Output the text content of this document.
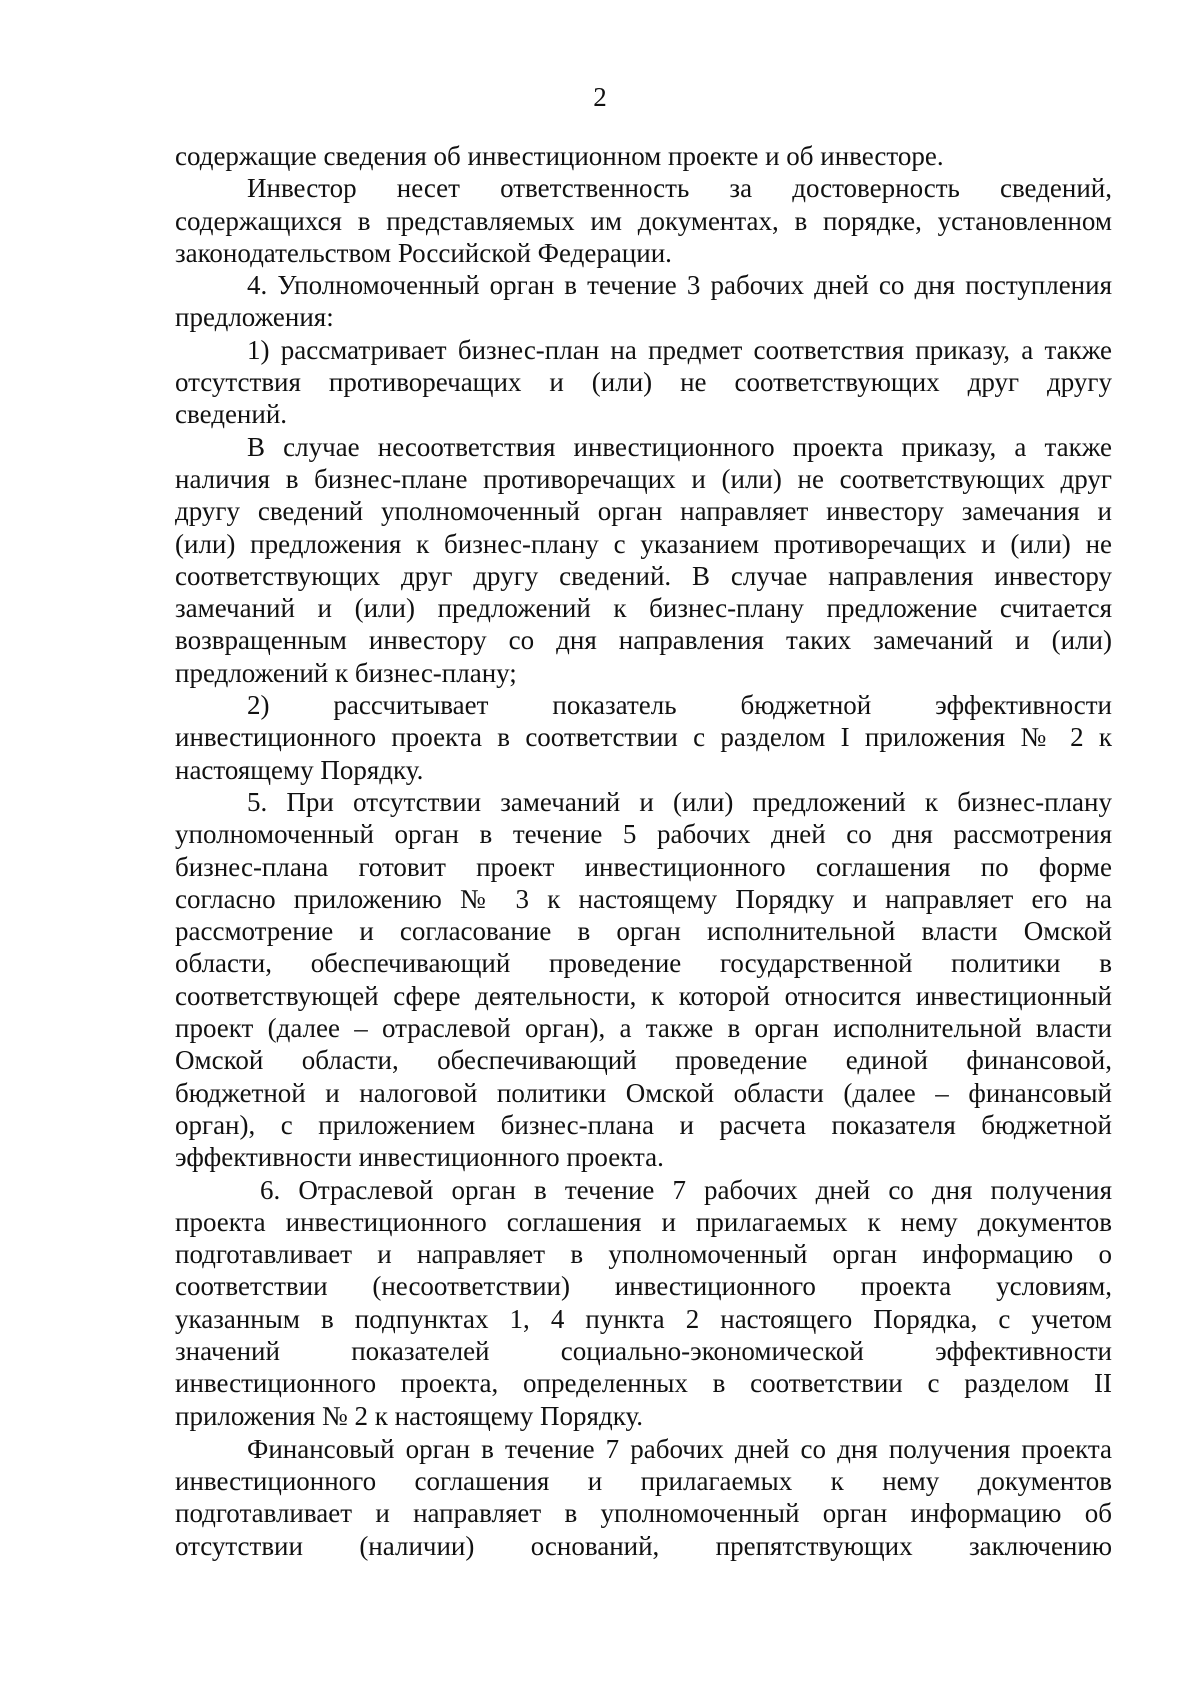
2
содержащие сведения об инвестиционном проекте и об инвесторе.
Инвестор несет ответственность за достоверность сведений,
содержащихся в представляемых им документах, в порядке, установленном
законодательством Российской Федерации.
4. Уполномоченный орган в течение 3 рабочих дней со дня поступления
предложения:
1) рассматривает бизнес-план на предмет соответствия приказу, а также
отсутствия противоречащих и (или) не соответствующих друг другу
сведений.
В случае несоответствия инвестиционного проекта приказу, а также
наличия в бизнес-плане противоречащих и (или) не соответствующих друг
другу сведений уполномоченный орган направляет инвестору замечания и
(или) предложения к бизнес-плану с указанием противоречащих и (или) не
соответствующих друг другу сведений. В случае направления инвестору
замечаний и (или) предложений к бизнес-плану предложение считается
возвращенным инвестору со дня направления таких замечаний и (или)
предложений к бизнес-плану;
2) рассчитывает показатель бюджетной эффективности
инвестиционного проекта в соответствии с разделом I приложения № 2 к
настоящему Порядку.
5. При отсутствии замечаний и (или) предложений к бизнес-плану
уполномоченный орган в течение 5 рабочих дней со дня рассмотрения
бизнес-плана готовит проект инвестиционного соглашения по форме
согласно приложению № 3 к настоящему Порядку и направляет его на
рассмотрение и согласование в орган исполнительной власти Омской
области, обеспечивающий проведение государственной политики в
соответствующей сфере деятельности, к которой относится инвестиционный
проект (далее – отраслевой орган), а также в орган исполнительной власти
Омской области, обеспечивающий проведение единой финансовой,
бюджетной и налоговой политики Омской области (далее – финансовый
орган), с приложением бизнес-плана и расчета показателя бюджетной
эффективности инвестиционного проекта.
6. Отраслевой орган в течение 7 рабочих дней со дня получения
проекта инвестиционного соглашения и прилагаемых к нему документов
подготавливает и направляет в уполномоченный орган информацию о
соответствии (несоответствии) инвестиционного проекта условиям,
указанным в подпунктах 1, 4 пункта 2 настоящего Порядка, с учетом
значений показателей социально-экономической эффективности
инвестиционного проекта, определенных в соответствии с разделом II
приложения № 2 к настоящему Порядку.
Финансовый орган в течение 7 рабочих дней со дня получения проекта
инвестиционного соглашения и прилагаемых к нему документов
подготавливает и направляет в уполномоченный орган информацию об
отсутствии (наличии) оснований, препятствующих заключению
